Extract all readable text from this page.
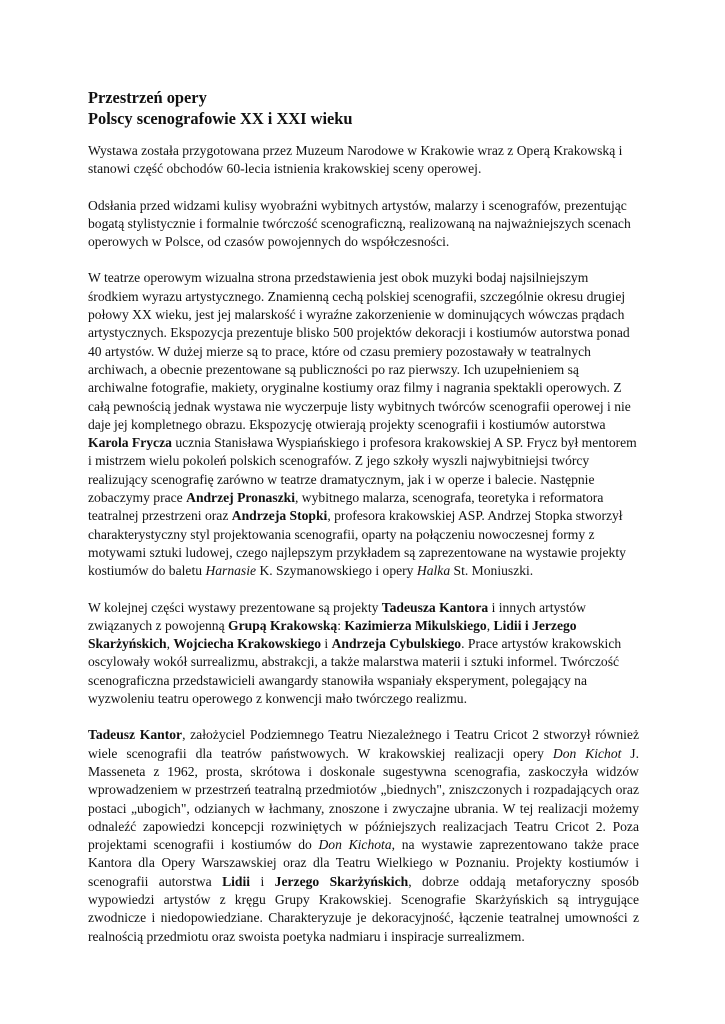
Przestrzeń opery
Polscy scenografowie XX i XXI wieku

Wystawa została przygotowana przez Muzeum Narodowe w Krakowie wraz z Operą Krakowską i stanowi część obchodów 60-lecia istnienia krakowskiej sceny operowej.

Odsłania przed widzami kulisy wyobraźni wybitnych artystów, malarzy i scenografów, prezentując bogatą stylistycznie i formalnie twórczość scenograficzną, realizowaną na najważniejszych scenach operowych w Polsce, od czasów powojennych do współczesności.

W teatrze operowym wizualna strona przedstawienia jest obok muzyki bodaj najsilniejszym środkiem wyrazu artystycznego. Znamienną cechą polskiej scenografii, szczególnie okresu drugiej połowy XX wieku, jest jej malarskość i wyraźne zakorzenienie w dominujących wówczas prądach artystycznych. Ekspozycja prezentuje blisko 500 projektów dekoracji i kostiumów autorstwa ponad 40 artystów. W dużej mierze są to prace, które od czasu premiery pozostawały w teatralnych archiwach, a obecnie prezentowane są publiczności po raz pierwszy. Ich uzupełnieniem są archiwalne fotografie, makiety, oryginalne kostiumy oraz filmy i nagrania spektakli operowych. Z całą pewnością jednak wystawa nie wyczerpuje listy wybitnych twórców scenografii operowej i nie daje jej kompletnego obrazu. Ekspozycję otwierają projekty scenografii i kostiumów autorstwa Karola Frycza ucznia Stanisława Wyspiańskiego i profesora krakowskiej A SP. Frycz był mentorem i mistrzem wielu pokoleń polskich scenografów. Z jego szkoły wyszli najwybitniejsi twórcy realizujący scenografię zarówno w teatrze dramatycznym, jak i w operze i balecie. Następnie zobaczymy prace Andrzej Pronaszki, wybitnego malarza, scenografa, teoretyka i reformatora teatralnej przestrzeni oraz Andrzeja Stopki, profesora krakowskiej ASP. Andrzej Stopka stworzył charakterystyczny styl projektowania scenografii, oparty na połączeniu nowoczesnej formy z motywami sztuki ludowej, czego najlepszym przykładem są zaprezentowane na wystawie projekty kostiumów do baletu Harnasie K. Szymanowskiego i opery Halka St. Moniuszki.

W kolejnej części wystawy prezentowane są projekty Tadeusza Kantora i innych artystów związanych z powojenną Grupą Krakowską: Kazimierza Mikulskiego, Lidii i Jerzego Skarżyńskich, Wojciecha Krakowskiego i Andrzeja Cybulskiego. Prace artystów krakowskich oscylowały wokół surrealizmu, abstrakcji, a także malarstwa materii i sztuki informel. Twórczość scenograficzna przedstawicieli awangardy stanowiła wspaniały eksperyment, polegający na wyzwoleniu teatru operowego z konwencji mało twórczego realizmu.

Tadeusz Kantor, założyciel Podziemnego Teatru Niezależnego i Teatru Cricot 2 stworzył również wiele scenografii dla teatrów państwowych. W krakowskiej realizacji opery Don Kichot J. Masseneta z 1962, prosta, skrótowa i doskonale sugestywna scenografia, zaskoczyła widzów wprowadzeniem w przestrzeń teatralną przedmiotów „biednych", zniszczonych i rozpadających oraz postaci „ubogich", odzianych w łachmany, znoszone i zwyczajne ubrania. W tej realizacji możemy odnaleźć zapowiedzi koncepcji rozwiniętych w późniejszych realizacjach Teatru Cricot 2. Poza projektami scenografii i kostiumów do Don Kichota, na wystawie zaprezentowano także prace Kantora dla Opery Warszawskiej oraz dla Teatru Wielkiego w Poznaniu. Projekty kostiumów i scenografii autorstwa Lidii i Jerzego Skarżyńskich, dobrze oddają metaforyczny sposób wypowiedzi artystów z kręgu Grupy Krakowskiej. Scenografie Skarżyńskich są intrygujące zwodnicze i niedopowiedziane. Charakteryzuje je dekoracyjność, łączenie teatralnej umowności z realnością przedmiotu oraz swoista poetyka nadmiaru i inspiracje surrealizmem.
